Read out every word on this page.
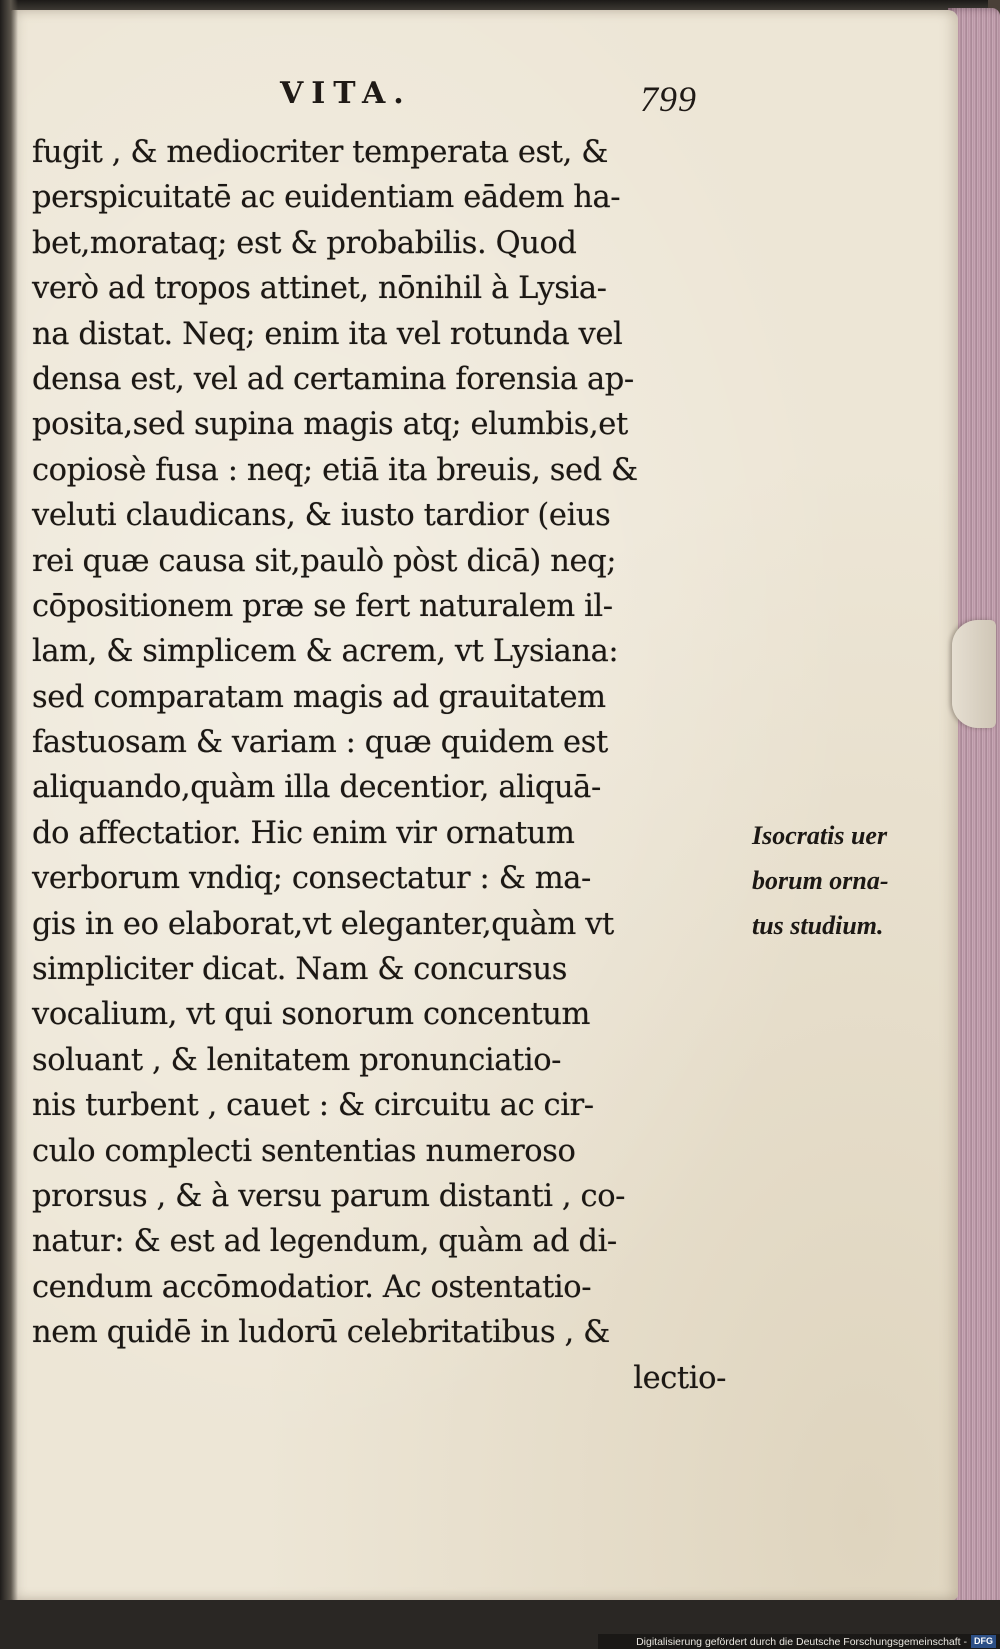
VITA.	799
fugit , & mediocriter temperata est, &
perspicuitatē ac euidentiam eādem ha-
bet,morataq; est & probabilis. Quod
verò ad tropos attinet, nōnihil à Lysia-
na distat. Neq; enim ita vel rotunda vel
densa est, vel ad certamina forensia ap-
posita,sed supina magis atq; elumbis,et
copiosè fusa : neq; etiā ita breuis, sed &
veluti claudicans, & iusto tardior (eius
rei quæ causa sit,paulò pòst dicā) neq;
cōpositionem præ se fert naturalem il-
lam, & simplicem & acrem, vt Lysiana:
sed comparatam magis ad grauitatem
fastuosam & variam : quæ quidem est
aliquando,quàm illa decentior, aliquā-
do affectatior. Hic enim vir ornatum
verborum vndiq; consectatur : & ma-
gis in eo elaborat,vt eleganter,quàm vt
simpliciter dicat. Nam & concursus
vocalium, vt qui sonorum concentum
soluant , & lenitatem pronunciatio-
nis turbent , cauet : & circuitu ac cir-
culo complecti sententias numeroso
prorsus , & à versu parum distanti , co-
natur: & est ad legendum, quàm ad di-
cendum accōmodatior. Ac ostentatio-
nem quidē in ludorū celebritatibus , &
lectio-
Isocratis uer
borum orna-
tus studium.
Digitalisierung gefördert durch die Deutsche Forschungsgemeinschaft - DFG
